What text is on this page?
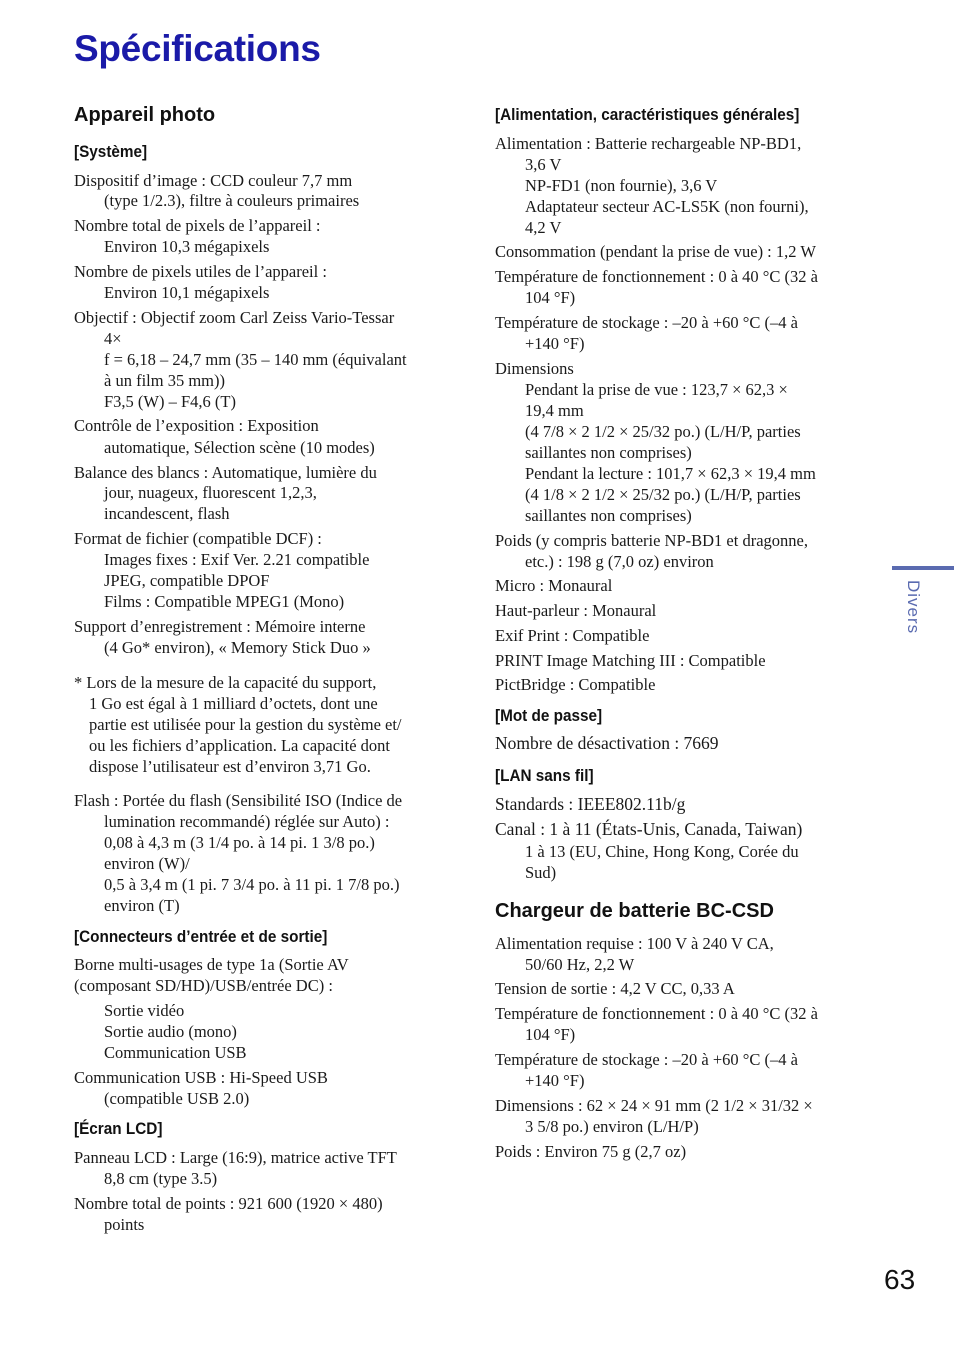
Spécifications
Appareil photo
[Système]

Dispositif d’image : CCD couleur 7,7 mm

(type 1/2.3), filtre à couleurs primaires

Nombre total de pixels de l’appareil :

Environ 10,3 mégapixels

Nombre de pixels utiles de l’appareil :

Environ 10,1 mégapixels

Objectif : Objectif zoom Carl Zeiss Vario-Tessar

4×

f = 6,18 – 24,7 mm (35 – 140 mm (équivalant

à un film 35 mm))

F3,5 (W) – F4,6 (T)

Contrôle de l’exposition : Exposition

automatique, Sélection scène (10 modes)

Balance des blancs : Automatique, lumière du

jour, nuageux, fluorescent 1,2,3,

incandescent, flash

Format de fichier (compatible DCF) :

Images fixes : Exif Ver. 2.21 compatible

JPEG, compatible DPOF

Films : Compatible MPEG1 (Mono)

Support d’enregistrement : Mémoire interne

(4 Go* environ), « Memory Stick Duo »

* Lors de la mesure de la capacité du support,

1 Go est égal à 1 milliard d’octets, dont une

partie est utilisée pour la gestion du système et/

ou les fichiers d’application. La capacité dont

dispose l’utilisateur est d’environ 3,71 Go.

Flash : Portée du flash (Sensibilité ISO (Indice de

lumination recommandé) réglée sur Auto) :

0,08 à 4,3 m (3 1/4 po. à 14 pi. 1 3/8 po.)

environ (W)/

0,5 à 3,4 m (1 pi. 7 3/4 po. à 11 pi. 1 7/8 po.)

environ (T)

[Connecteurs d’entrée et de sortie]

Borne multi-usages de type 1a (Sortie AV

(composant SD/HD)/USB/entrée DC) :

Sortie vidéo

Sortie audio (mono)

Communication USB

Communication USB : Hi-Speed USB

(compatible USB 2.0)

[Écran LCD]

Panneau LCD : Large (16:9), matrice active TFT

8,8 cm (type 3.5)

Nombre total de points : 921 600 (1920 × 480)

points

[Alimentation, caractéristiques générales]

Alimentation : Batterie rechargeable NP-BD1,

3,6 V

NP-FD1 (non fournie), 3,6 V

Adaptateur secteur AC-LS5K (non fourni),

4,2 V

Consommation (pendant la prise de vue) : 1,2 W

Température de fonctionnement : 0 à 40 °C (32 à

104 °F)

Température de stockage : –20 à +60 °C (–4 à

+140 °F)

Dimensions

Pendant la prise de vue : 123,7 × 62,3 ×

19,4 mm

(4 7/8 × 2 1/2 × 25/32 po.) (L/H/P, parties

saillantes non comprises)

Pendant la lecture : 101,7 × 62,3 × 19,4 mm

(4 1/8 × 2 1/2 × 25/32 po.) (L/H/P, parties

saillantes non comprises)

Poids (y compris batterie NP-BD1 et dragonne,

etc.) : 198 g (7,0 oz) environ

Micro : Monaural

Haut-parleur : Monaural

Exif Print : Compatible

PRINT Image Matching III : Compatible

PictBridge : Compatible

[Mot de passe]

Nombre de désactivation : 7669

[LAN sans fil]

Standards : IEEE802.11b/g

Canal : 1 à 11 (États-Unis, Canada, Taiwan)

1 à 13 (EU, Chine, Hong Kong, Corée du

Sud)

Chargeur de batterie BC-CSD

Alimentation requise : 100 V à 240 V CA,

50/60 Hz, 2,2 W

Tension de sortie : 4,2 V CC, 0,33 A

Température de fonctionnement : 0 à 40 °C (32 à

104 °F)

Température de stockage : –20 à +60 °C (–4 à

+140 °F)

Dimensions : 62 × 24 × 91 mm (2 1/2 × 31/32 ×

3 5/8 po.) environ (L/H/P)

Poids : Environ 75 g (2,7 oz)

Divers
63
